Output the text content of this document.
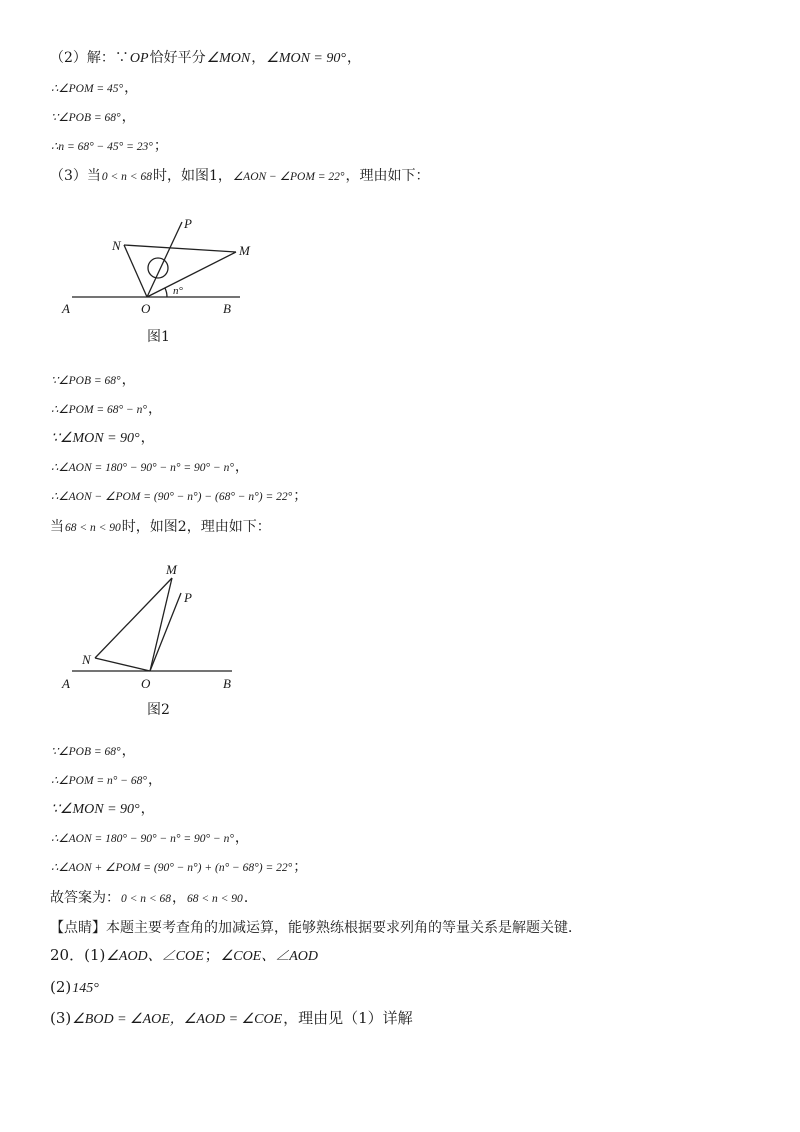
（2）解：∵OP恰好平分∠MON，∠MON = 90°，
∴∠POM = 45°，
∵∠POB = 68°，
∴n = 68° − 45° = 23°；
（3）当0 < n < 68时，如图1，∠AON − ∠POM = 22°，理由如下：
P
N	M
A	O	B
n°
图1
∵∠POB = 68°，
∴∠POM = 68° − n°，
∵∠MON = 90°，
∴∠AON = 180° − 90° − n° = 90° − n°，
∴∠AON − ∠POM = (90° − n°) − (68° − n°) = 22°；
当68 < n < 90时，如图2，理由如下：
M
P
N
A	O	B
图2
∵∠POB = 68°，
∴∠POM = n° − 68°，
∵∠MON = 90°，
∴∠AON = 180° − 90° − n° = 90° − n°，
∴∠AON + ∠POM = (90° − n°) + (n° − 68°) = 22°；
故答案为：0 < n < 68，68 < n < 90．
【点睛】本题主要考查角的加减运算，能够熟练根据要求列角的等量关系是解题关键．
20．(1)∠AOD、∠COE；∠COE、∠AOD
(2)145°
(3)∠BOD = ∠AOE，∠AOD = ∠COE，理由见（1）详解
